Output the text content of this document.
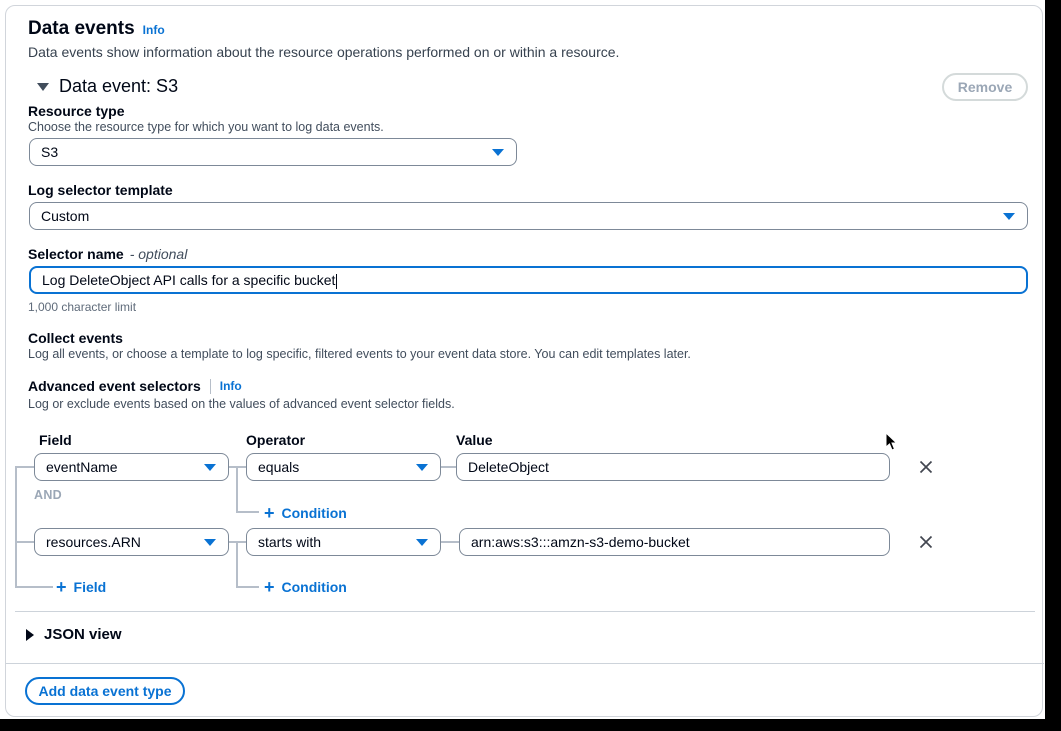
Data events Info
Data events show information about the resource operations performed on or within a resource.
Data event: S3	Remove
Resource type
Choose the resource type for which you want to log data events.
S3
Log selector template
Custom
Selector name - optional
Log DeleteObject API calls for a specific bucket
1,000 character limit
Collect events
Log all events, or choose a template to log specific, filtered events to your event data store. You can edit templates later.
Advanced event selectors Info
Log or exclude events based on the values of advanced event selector fields.
Field	Operator	Value
eventName	equals	DeleteObject
AND
+ Condition
resources.ARN	starts with	arn:aws:s3:::amzn-s3-demo-bucket
+ Field	+ Condition
JSON view
Add data event type
